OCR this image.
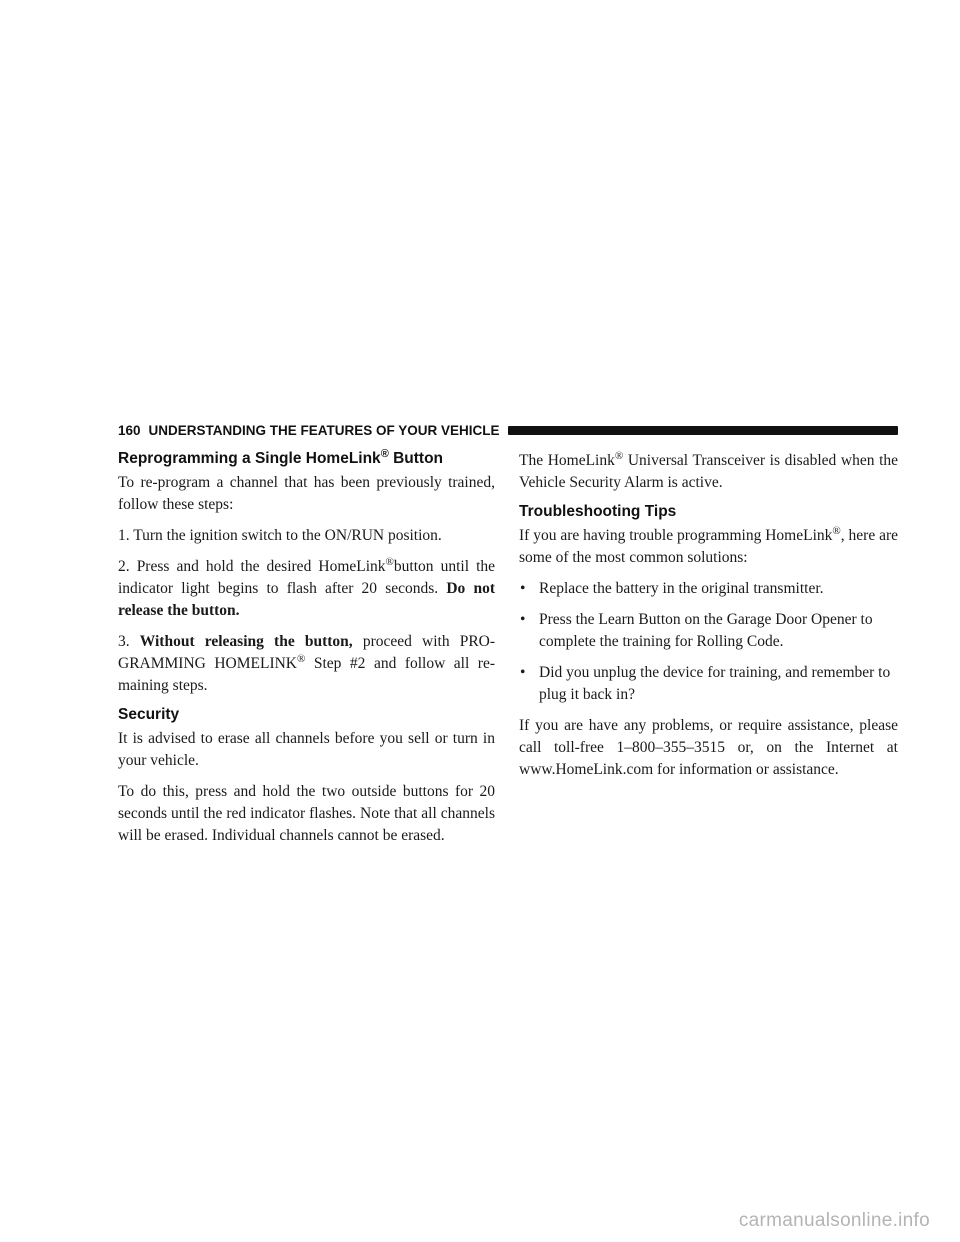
160 UNDERSTANDING THE FEATURES OF YOUR VEHICLE
Reprogramming a Single HomeLink® Button

To re-program a channel that has been previously trained, follow these steps:

1. Turn the ignition switch to the ON/RUN position.

2. Press and hold the desired HomeLink®button until the indicator light begins to flash after 20 seconds. Do not release the button.

3. Without releasing the button, proceed with PRO-GRAMMING HOMELINK® Step #2 and follow all re-maining steps.

Security

It is advised to erase all channels before you sell or turn in your vehicle.

To do this, press and hold the two outside buttons for 20 seconds until the red indicator flashes. Note that all channels will be erased. Individual channels cannot be erased.

The HomeLink® Universal Transceiver is disabled when the Vehicle Security Alarm is active.

Troubleshooting Tips

If you are having trouble programming HomeLink®, here are some of the most common solutions:

• Replace the battery in the original transmitter.
• Press the Learn Button on the Garage Door Opener to complete the training for Rolling Code.
• Did you unplug the device for training, and remember to plug it back in?

If you are have any problems, or require assistance, please call toll-free 1–800–355–3515 or, on the Internet at www.HomeLink.com for information or assistance.

carmanualsonline.info
